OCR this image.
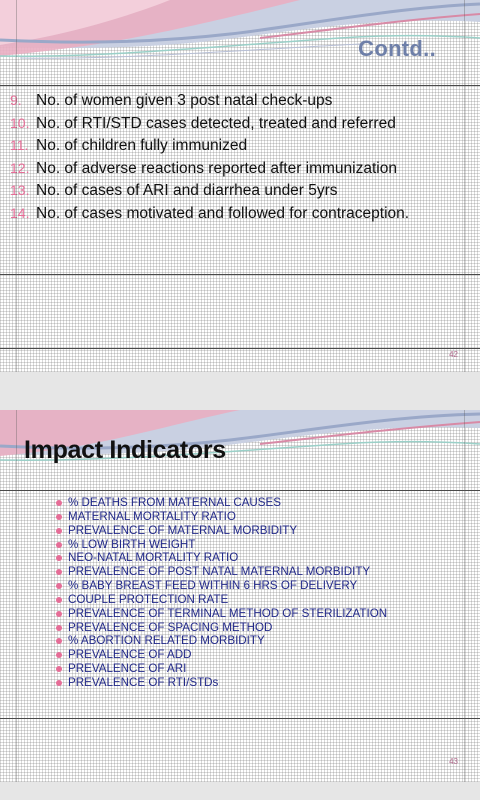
Contd..
9. No. of women given 3 post natal check-ups
10. No. of RTI/STD cases detected, treated and referred
11. No. of children fully immunized
12. No. of adverse reactions reported after immunization
13. No. of cases of ARI and diarrhea under 5yrs
14. No. of cases motivated and followed for contraception.
42
Impact Indicators
% DEATHS FROM MATERNAL CAUSES
MATERNAL MORTALITY RATIO
PREVALENCE OF MATERNAL MORBIDITY
% LOW BIRTH WEIGHT
NEO-NATAL MORTALITY RATIO
PREVALENCE OF POST NATAL MATERNAL MORBIDITY
% BABY BREAST FEED WITHIN 6 HRS OF DELIVERY
COUPLE PROTECTION RATE
PREVALENCE OF TERMINAL METHOD OF STERILIZATION
PREVALENCE OF SPACING METHOD
% ABORTION RELATED MORBIDITY
PREVALENCE OF ADD
PREVALENCE OF ARI
PREVALENCE OF RTI/STDs
43
